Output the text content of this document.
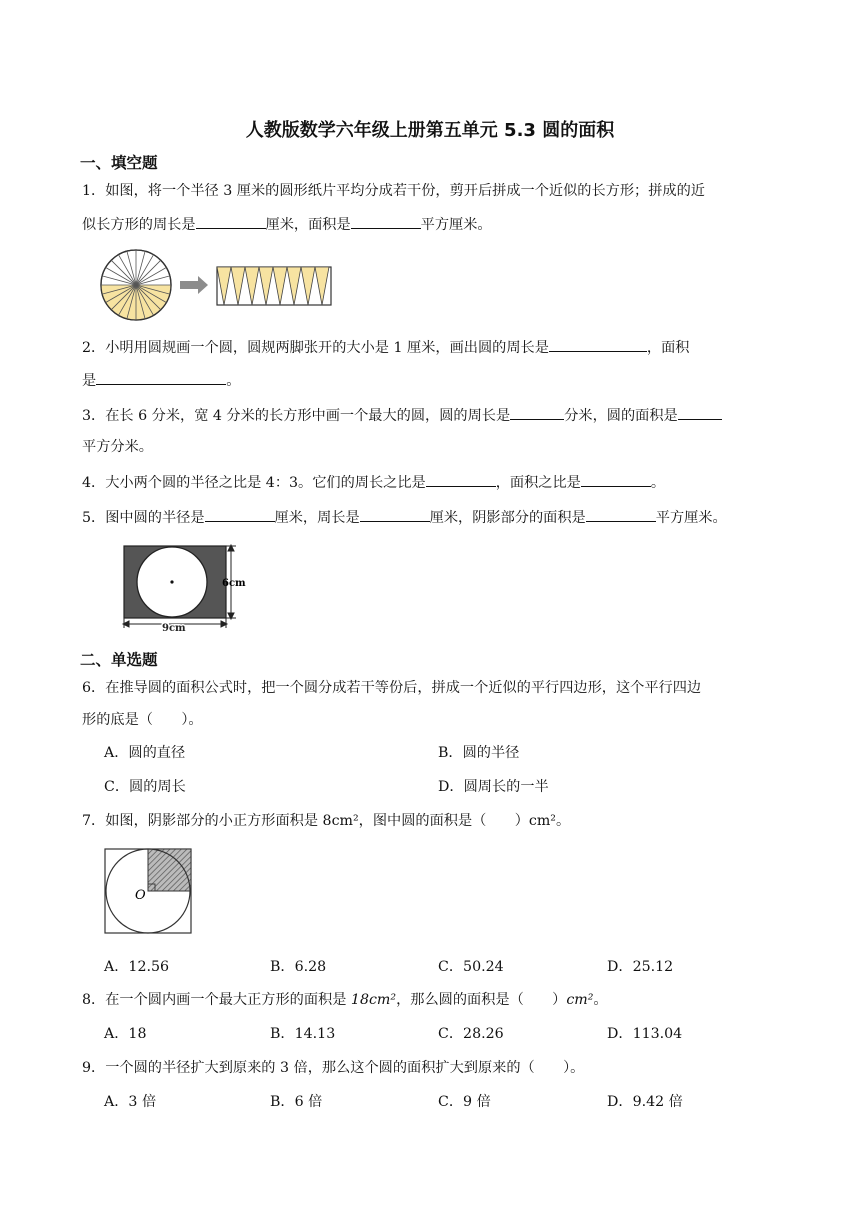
人教版数学六年级上册第五单元 5.3 圆的面积
一、填空题
1．如图，将一个半径 3 厘米的圆形纸片平均分成若干份，剪开后拼成一个近似的长方形；拼成的近
似长方形的周长是	厘米，面积是	平方厘米。
2．小明用圆规画一个圆，圆规两脚张开的大小是 1 厘米，画出圆的周长是	，面积
是	。
3．在长 6 分米，宽 4 分米的长方形中画一个最大的圆，圆的周长是	分米，圆的面积是
平方分米。
4．大小两个圆的半径之比是 4：3。它们的周长之比是	，面积之比是	。
5．图中圆的半径是	厘米，周长是	厘米，阴影部分的面积是	平方厘米。
6cm
9cm
二、单选题
6．在推导圆的面积公式时，把一个圆分成若干等份后，拼成一个近似的平行四边形，这个平行四边
形的底是（　　）。
A．圆的直径	B．圆的半径
C．圆的周长	D．圆周长的一半
7．如图，阴影部分的小正方形面积是 8cm²，图中圆的面积是（　　）cm²。
O
A．12.56	B．6.28	C．50.24	D．25.12
8．在一个圆内画一个最大正方形的面积是 18cm²，那么圆的面积是（　　）cm²。
A．18	B．14.13	C．28.26	D．113.04
9．一个圆的半径扩大到原来的 3 倍，那么这个圆的面积扩大到原来的（　　）。
A．3 倍	B．6 倍	C．9 倍	D．9.42 倍
